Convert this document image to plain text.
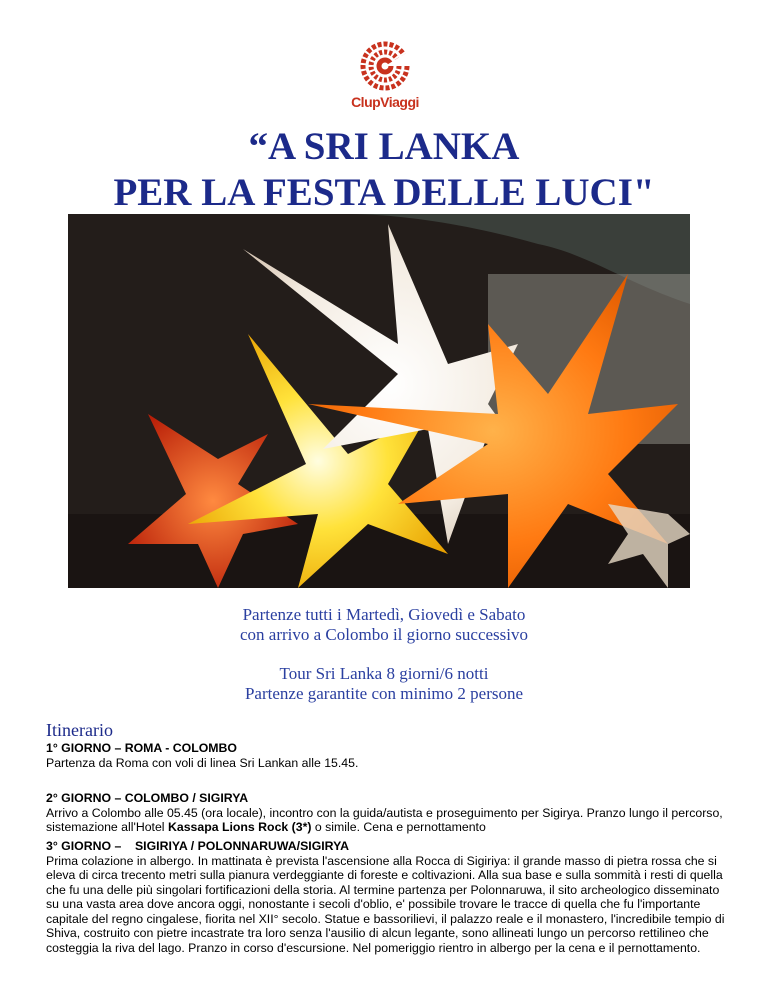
ClupViaggi
“A SRI LANKA
PER LA FESTA DELLE LUCI"
Partenze tutti i Martedì, Giovedì e Sabato
con arrivo a Colombo il giorno successivo
Tour Sri Lanka 8 giorni/6 notti
Partenze garantite con minimo 2 persone
Itinerario
1° GIORNO – ROMA - COLOMBO
Partenza da Roma con voli di linea Sri Lankan alle 15.45.
2° GIORNO – COLOMBO / SIGIRYA
Arrivo a Colombo alle 05.45 (ora locale), incontro con la guida/autista e proseguimento per Sigirya. Pranzo lungo il percorso, sistemazione all'Hotel Kassapa Lions Rock (3*) o simile. Cena e pernottamento
3° GIORNO –    SIGIRIYA / POLONNARUWA/SIGIRYA
Prima colazione in albergo. In mattinata è prevista l'ascensione alla Rocca di Sigiriya: il grande masso di pietra rossa che si eleva di circa trecento metri sulla pianura verdeggiante di foreste e coltivazioni. Alla sua base e sulla sommità i resti di quella che fu una delle più singolari fortificazioni della storia. Al termine partenza per Polonnaruwa, il sito archeologico disseminato su una vasta area dove ancora oggi, nonostante i secoli d'oblio, e' possibile trovare le tracce di quella che fu l'importante capitale del regno cingalese, fiorita nel XII° secolo. Statue e bassorilievi, il palazzo reale e il monastero, l'incredibile tempio di Shiva, costruito con pietre incastrate tra loro senza l'ausilio di alcun legante, sono allineati lungo un percorso rettilineo che costeggia la riva del lago. Pranzo in corso d'escursione. Nel pomeriggio rientro in albergo per la cena e il pernottamento.
